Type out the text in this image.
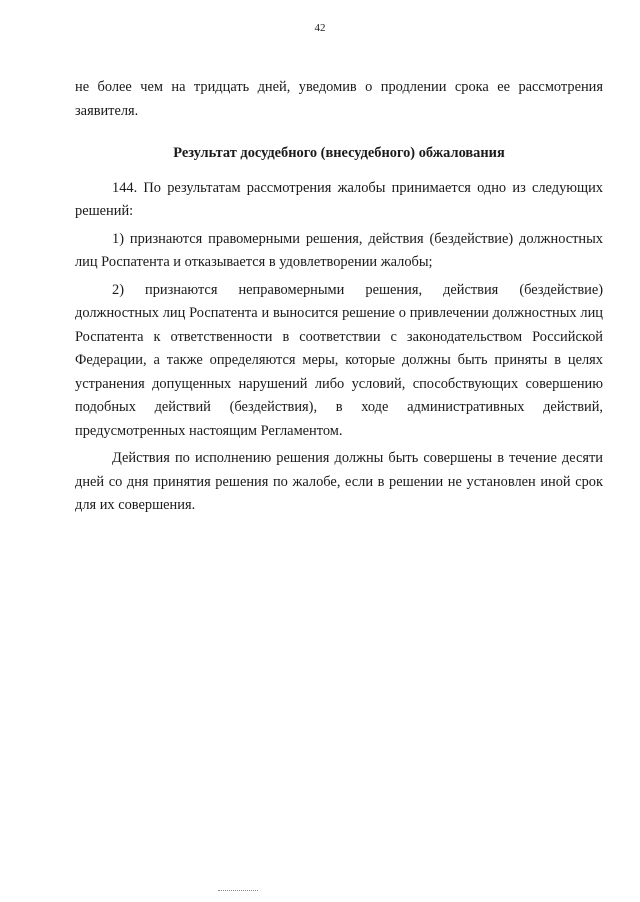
42

не более чем на тридцать дней, уведомив о продлении срока ее рассмотрения заявителя.

Результат досудебного (внесудебного) обжалования

144. По результатам рассмотрения жалобы принимается одно из следующих решений:

1) признаются правомерными решения, действия (бездействие) должностных лиц Роспатента и отказывается в удовлетворении жалобы;

2) признаются неправомерными решения, действия (бездействие) должностных лиц Роспатента и выносится решение о привлечении должностных лиц Роспатента к ответственности в соответствии с законодательством Российской Федерации, а также определяются меры, которые должны быть приняты в целях устранения допущенных нарушений либо условий, способствующих совершению подобных действий (бездействия), в ходе административных действий, предусмотренных настоящим Регламентом.

Действия по исполнению решения должны быть совершены в течение десяти дней со дня принятия решения по жалобе, если в решении не установлен иной срок для их совершения.
